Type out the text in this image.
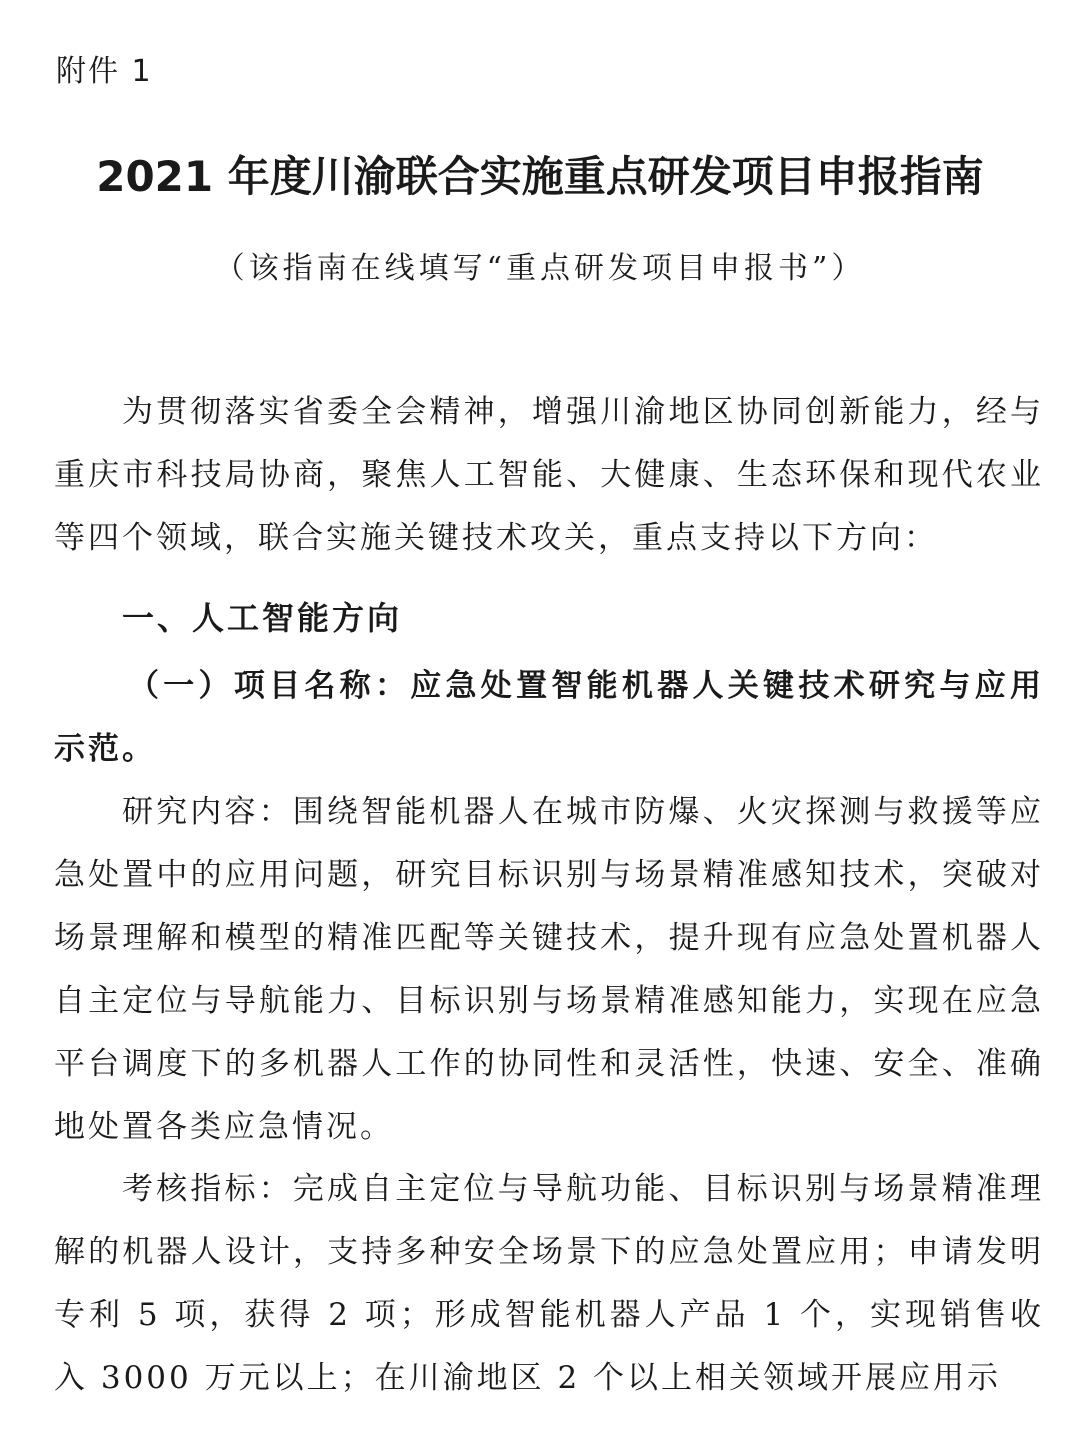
附件 1

2021 年度川渝联合实施重点研发项目申报指南

（该指南在线填写“重点研发项目申报书”）

为贯彻落实省委全会精神，增强川渝地区协同创新能力，经与重庆市科技局协商，聚焦人工智能、大健康、生态环保和现代农业等四个领域，联合实施关键技术攻关，重点支持以下方向：

一、人工智能方向
（一）项目名称：应急处置智能机器人关键技术研究与应用示范。

研究内容：围绕智能机器人在城市防爆、火灾探测与救援等应急处置中的应用问题，研究目标识别与场景精准感知技术，突破对场景理解和模型的精准匹配等关键技术，提升现有应急处置机器人自主定位与导航能力、目标识别与场景精准感知能力，实现在应急平台调度下的多机器人工作的协同性和灵活性，快速、安全、准确地处置各类应急情况。

考核指标：完成自主定位与导航功能、目标识别与场景精准理解的机器人设计，支持多种安全场景下的应急处置应用；申请发明专利 5 项，获得 2 项；形成智能机器人产品 1 个，实现销售收入 3000 万元以上；在川渝地区 2 个以上相关领域开展应用示
